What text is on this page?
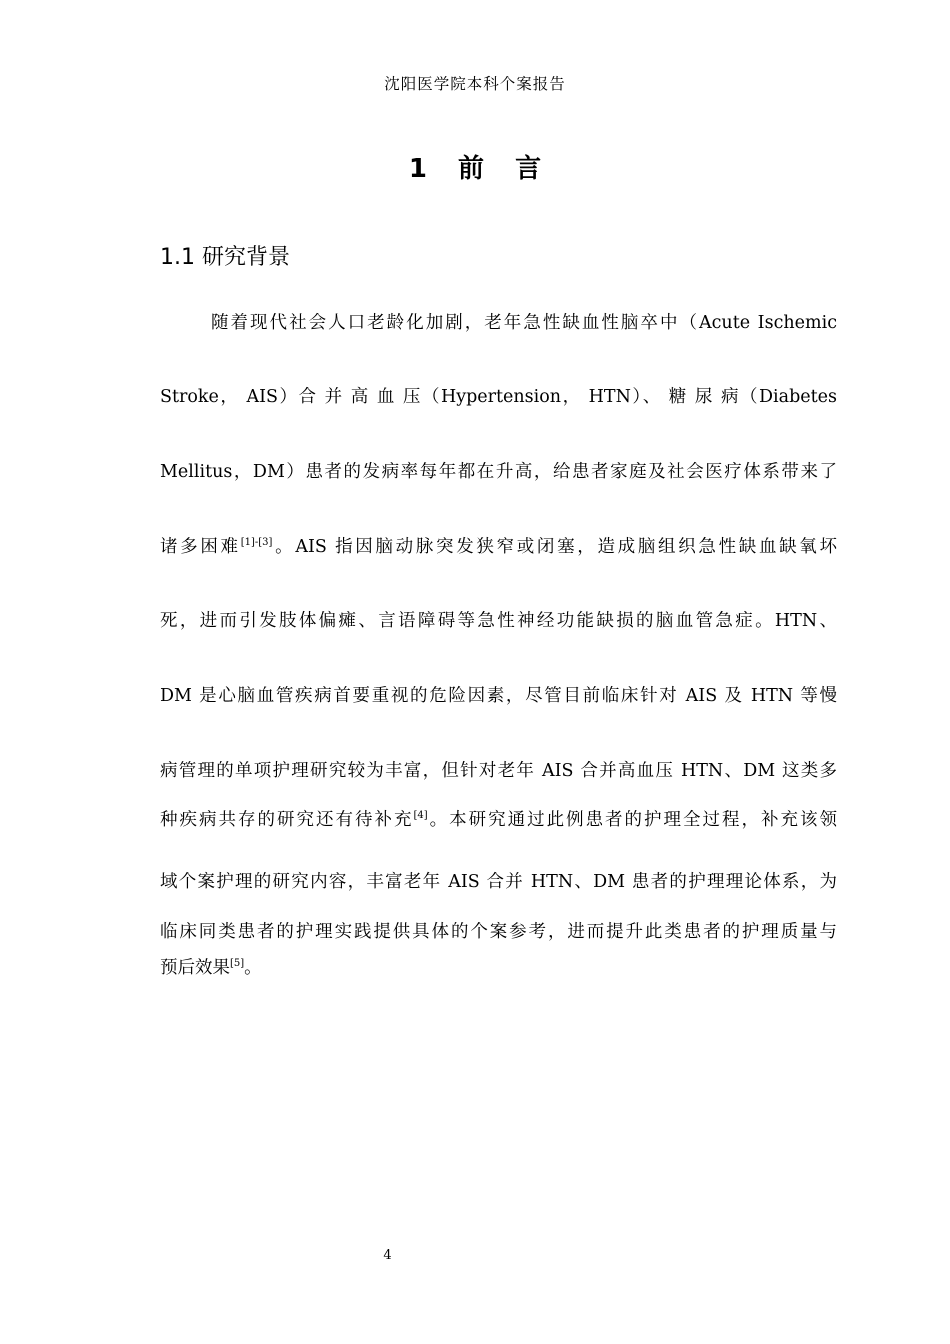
沈阳医学院本科个案报告
1 前 言
1.1 研究背景
随着现代社会人口老龄化加剧，老年急性缺血性脑卒中（Acute Ischemic
Stroke， AIS）合 并 高 血 压（Hypertension， HTN）、 糖 尿 病（Diabetes
Mellitus，DM）患者的发病率每年都在升高，给患者家庭及社会医疗体系带来了
诸多困难[1]-[3]。AIS 指因脑动脉突发狭窄或闭塞，造成脑组织急性缺血缺氧坏
死，进而引发肢体偏瘫、言语障碍等急性神经功能缺损的脑血管急症。HTN、
DM 是心脑血管疾病首要重视的危险因素，尽管目前临床针对 AIS 及 HTN 等慢
病管理的单项护理研究较为丰富，但针对老年 AIS 合并高血压 HTN、DM 这类多
种疾病共存的研究还有待补充[4]。本研究通过此例患者的护理全过程，补充该领
域个案护理的研究内容，丰富老年 AIS 合并 HTN、DM 患者的护理理论体系，为
临床同类患者的护理实践提供具体的个案参考，进而提升此类患者的护理质量与
预后效果[5]。
4
